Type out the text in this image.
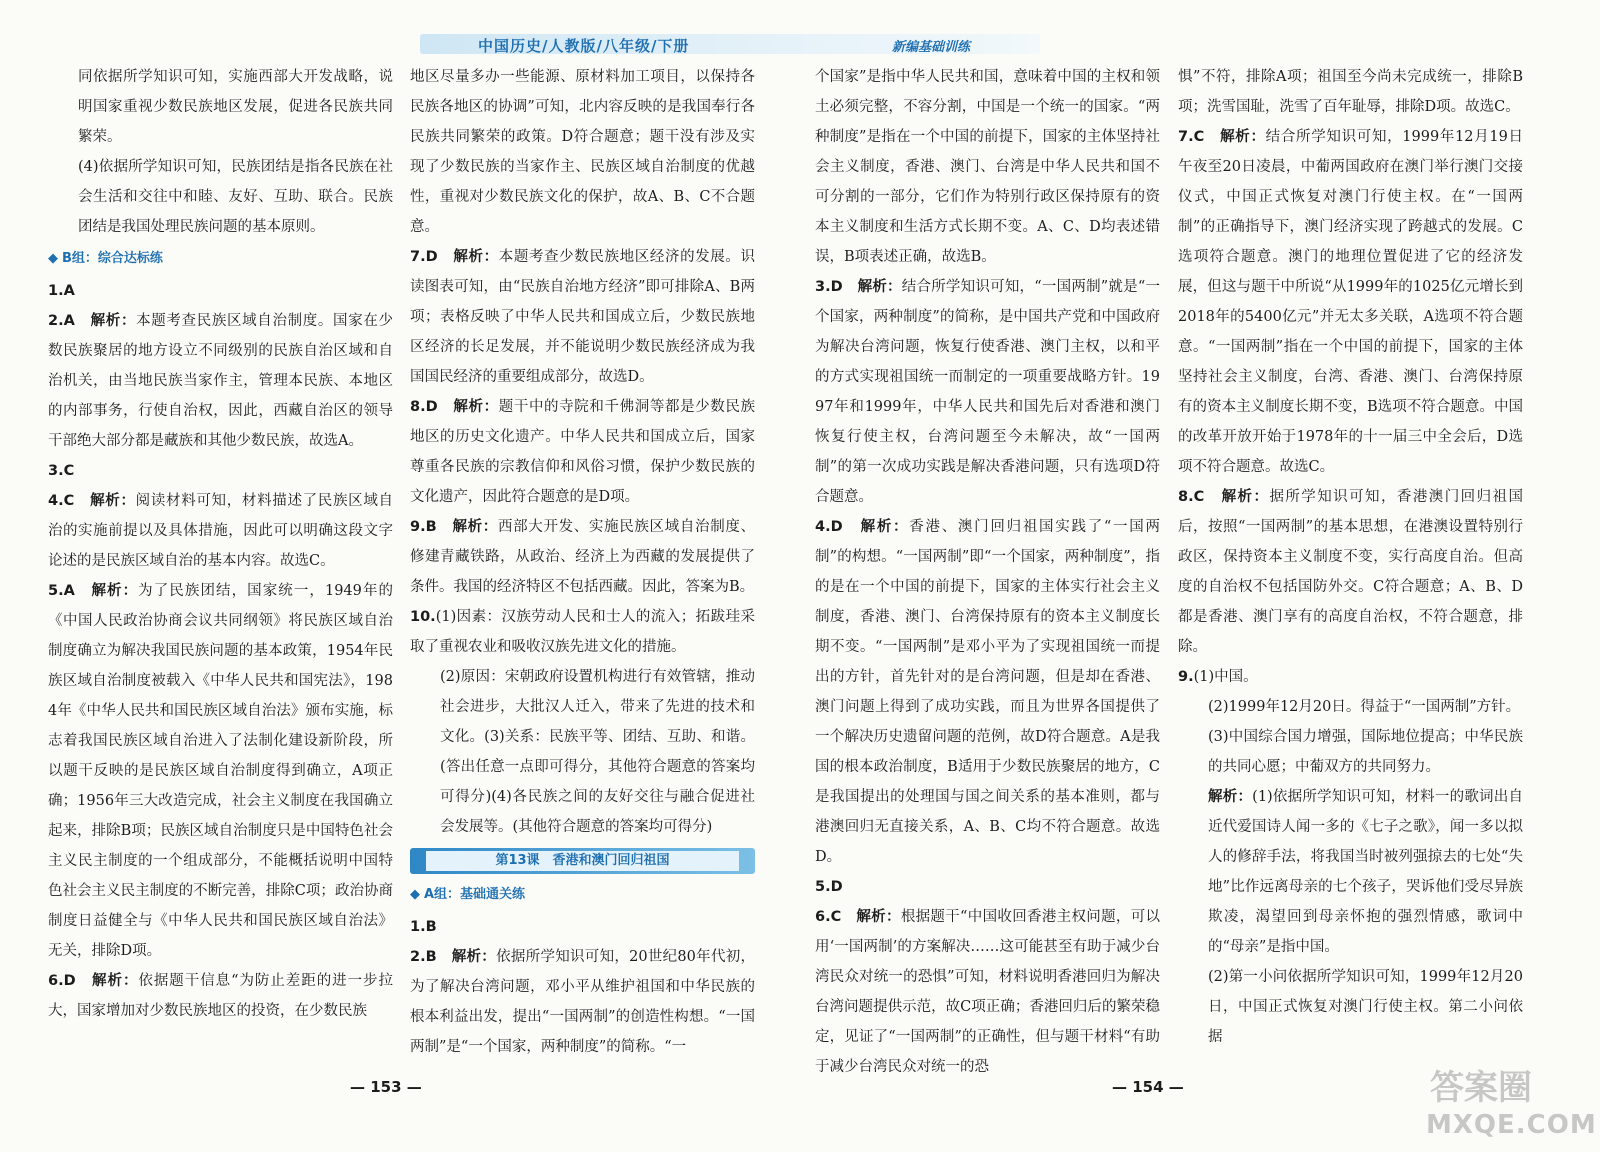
中国历史/人教版/八年级/下册	新编基础训练

同依据所学知识可知，实施西部大开发战略，说明国家重视少数民族地区发展，促进各民族共同繁荣。

(4)依据所学知识可知，民族团结是指各民族在社会生活和交往中和睦、友好、互助、联合。民族团结是我国处理民族问题的基本原则。

◆ B组：综合达标练

1.A

2.A　 解析：本题考查民族区域自治制度。国家在少数民族聚居的地方设立不同级别的民族自治区域和自治机关，由当地民族当家作主，管理本民族、本地区的内部事务，行使自治权，因此，西藏自治区的领导干部绝大部分都是藏族和其他少数民族，故选A。

3.C

4.C　 解析：阅读材料可知，材料描述了民族区域自治的实施前提以及具体措施，因此可以明确这段文字论述的是民族区域自治的基本内容。故选C。

5.A　 解析：为了民族团结，国家统一，1949年的《中国人民政治协商会议共同纲领》将民族区域自治制度确立为解决我国民族问题的基本政策，1954年民族区域自治制度被载入《中华人民共和国宪法》，1984年《中华人民共和国民族区域自治法》颁布实施，标志着我国民族区域自治进入了法制化建设新阶段，所以题干反映的是民族区域自治制度得到确立，A项正确；1956年三大改造完成，社会主义制度在我国确立起来，排除B项；民族区域自治制度只是中国特色社会主义民主制度的一个组成部分，不能概括说明中国特色社会主义民主制度的不断完善，排除C项；政治协商制度日益健全与《中华人民共和国民族区域自治法》无关，排除D项。

6.D　 解析：依据题干信息“为防止差距的进一步拉大，国家增加对少数民族地区的投资，在少数民族

地区尽量多办一些能源、原材料加工项目，以保持各民族各地区的协调”可知，北内容反映的是我国奉行各民族共同繁荣的政策。D符合题意；题干没有涉及实现了少数民族的当家作主、民族区域自治制度的优越性，重视对少数民族文化的保护，故A、B、C不合题意。

7.D　 解析：本题考查少数民族地区经济的发展。识读图表可知，由“民族自治地方经济”即可排除A、B两项；表格反映了中华人民共和国成立后，少数民族地区经济的长足发展，并不能说明少数民族经济成为我国国民经济的重要组成部分，故选D。

8.D　 解析：题干中的寺院和千佛洞等都是少数民族地区的历史文化遗产。中华人民共和国成立后，国家尊重各民族的宗教信仰和风俗习惯，保护少数民族的文化遗产，因此符合题意的是D项。

9.B　 解析：西部大开发、实施民族区域自治制度、修建青藏铁路，从政治、经济上为西藏的发展提供了条件。我国的经济特区不包括西藏。因此，答案为B。

10.(1)因素：汉族劳动人民和士人的流入；拓跋珪采取了重视农业和吸收汉族先进文化的措施。

(2)原因：宋朝政府设置机构进行有效管辖，推动社会进步，大批汉人迁入，带来了先进的技术和文化。(3)关系：民族平等、团结、互助、和谐。(答出任意一点即可得分，其他符合题意的答案均可得分)(4)各民族之间的友好交往与融合促进社会发展等。(其他符合题意的答案均可得分)

第13课　香港和澳门回归祖国
◆ A组：基础通关练

1.B

2.B　 解析：依据所学知识可知，20世纪80年代初，为了解决台湾问题，邓小平从维护祖国和中华民族的根本利益出发，提出“一国两制”的创造性构想。“一国两制”是“一个国家，两种制度”的简称。“一

个国家”是指中华人民共和国，意味着中国的主权和领土必须完整，不容分割，中国是一个统一的国家。“两种制度”是指在一个中国的前提下，国家的主体坚持社会主义制度，香港、澳门、台湾是中华人民共和国不可分割的一部分，它们作为特别行政区保持原有的资本主义制度和生活方式长期不变。A、C、D均表述错误，B项表述正确，故选B。

3.D　 解析：结合所学知识可知，“一国两制”就是“一个国家，两种制度”的简称，是中国共产党和中国政府为解决台湾问题，恢复行使香港、澳门主权，以和平的方式实现祖国统一而制定的一项重要战略方针。1997年和1999年，中华人民共和国先后对香港和澳门恢复行使主权，台湾问题至今未解决，故“一国两制”的第一次成功实践是解决香港问题，只有选项D符合题意。

4.D　 解析：香港、澳门回归祖国实践了“一国两制”的构想。“一国两制”即“一个国家，两种制度”，指的是在一个中国的前提下，国家的主体实行社会主义制度，香港、澳门、台湾保持原有的资本主义制度长期不变。“一国两制”是邓小平为了实现祖国统一而提出的方针，首先针对的是台湾问题，但是却在香港、澳门问题上得到了成功实践，而且为世界各国提供了一个解决历史遗留问题的范例，故D符合题意。A是我国的根本政治制度，B适用于少数民族聚居的地方，C是我国提出的处理国与国之间关系的基本准则，都与港澳回归无直接关系，A、B、C均不符合题意。故选D。

5.D

6.C　 解析：根据题干“中国收回香港主权问题，可以用‘一国两制’的方案解决……这可能甚至有助于减少台湾民众对统一的恐惧”可知，材料说明香港回归为解决台湾问题提供示范，故C项正确；香港回归后的繁荣稳定，见证了“一国两制”的正确性，但与题干材料“有助于减少台湾民众对统一的恐

惧”不符，排除A项；祖国至今尚未完成统一，排除B项；洗雪国耻，洗雪了百年耻辱，排除D项。故选C。

7.C　 解析：结合所学知识可知，1999年12月19日午夜至20日凌晨，中葡两国政府在澳门举行澳门交接仪式，中国正式恢复对澳门行使主权。在“一国两制”的正确指导下，澳门经济实现了跨越式的发展。C选项符合题意。澳门的地理位置促进了它的经济发展，但这与题干中所说“从1999年的1025亿元增长到2018年的5400亿元”并无太多关联，A选项不符合题意。“一国两制”指在一个中国的前提下，国家的主体坚持社会主义制度，台湾、香港、澳门、台湾保持原有的资本主义制度长期不变，B选项不符合题意。中国的改革开放开始于1978年的十一届三中全会后，D选项不符合题意。故选C。

8.C　 解析：据所学知识可知，香港澳门回归祖国后，按照“一国两制”的基本思想，在港澳设置特别行政区，保持资本主义制度不变，实行高度自治。但高度的自治权不包括国防外交。C符合题意；A、B、D都是香港、澳门享有的高度自治权，不符合题意，排除。

9.(1)中国。

(2)1999年12月20日。得益于“一国两制”方针。

(3)中国综合国力增强，国际地位提高；中华民族的共同心愿；中葡双方的共同努力。

解析：(1)依据所学知识可知，材料一的歌词出自近代爱国诗人闻一多的《七子之歌》，闻一多以拟人的修辞手法，将我国当时被列强掠去的七处“失地”比作远离母亲的七个孩子，哭诉他们受尽异族欺凌，渴望回到母亲怀抱的强烈情感，歌词中的“母亲”是指中国。

(2)第一小问依据所学知识可知，1999年12月20日，中国正式恢复对澳门行使主权。第二小问依据

— 153 —	— 154 —	答案圈
MXQE.COM
